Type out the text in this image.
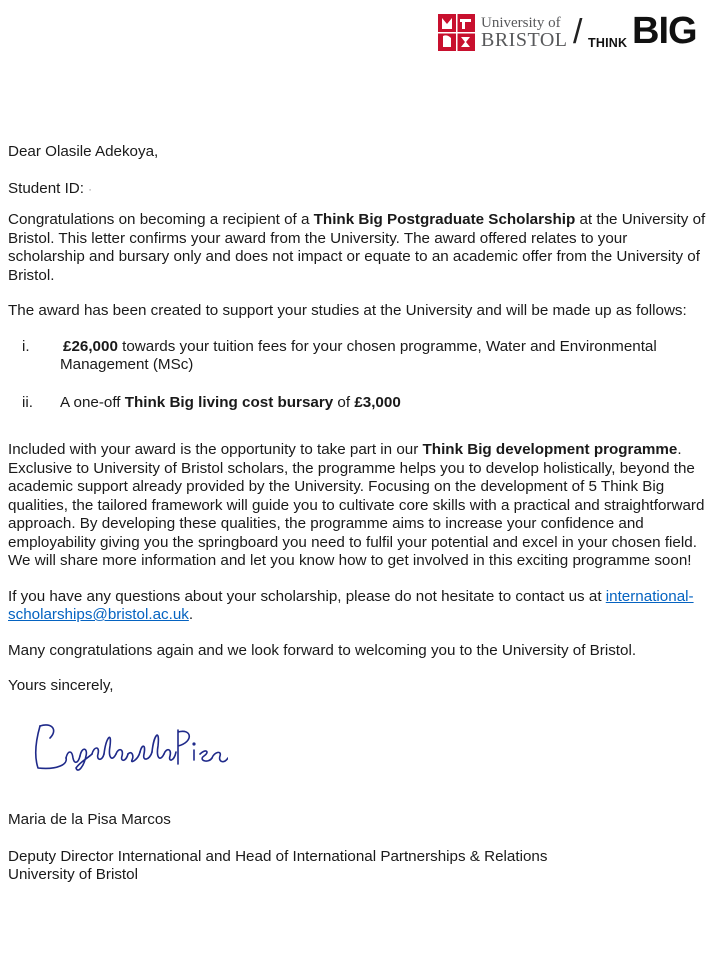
University of
BRISTOL / THINK BIG

Dear Olasile Adekoya,

Student ID: ·

Congratulations on becoming a recipient of a Think Big Postgraduate Scholarship at the University of Bristol. This letter confirms your award from the University. The award offered relates to your scholarship and bursary only and does not impact or equate to an academic offer from the University of Bristol.

The award has been created to support your studies at the University and will be made up as follows:

i. £26,000 towards your tuition fees for your chosen programme, Water and Environmental Management (MSc)
ii. A one-off Think Big living cost bursary of £3,000

Included with your award is the opportunity to take part in our Think Big development programme. Exclusive to University of Bristol scholars, the programme helps you to develop holistically, beyond the academic support already provided by the University. Focusing on the development of 5 Think Big qualities, the tailored framework will guide you to cultivate core skills with a practical and straightforward approach. By developing these qualities, the programme aims to increase your confidence and employability giving you the springboard you need to fulfil your potential and excel in your chosen field. We will share more information and let you know how to get involved in this exciting programme soon!

If you have any questions about your scholarship, please do not hesitate to contact us at international-scholarships@bristol.ac.uk.

Many congratulations again and we look forward to welcoming you to the University of Bristol.

Yours sincerely,

Maria de la Pisa Marcos

Deputy Director International and Head of International Partnerships & Relations

University of Bristol
